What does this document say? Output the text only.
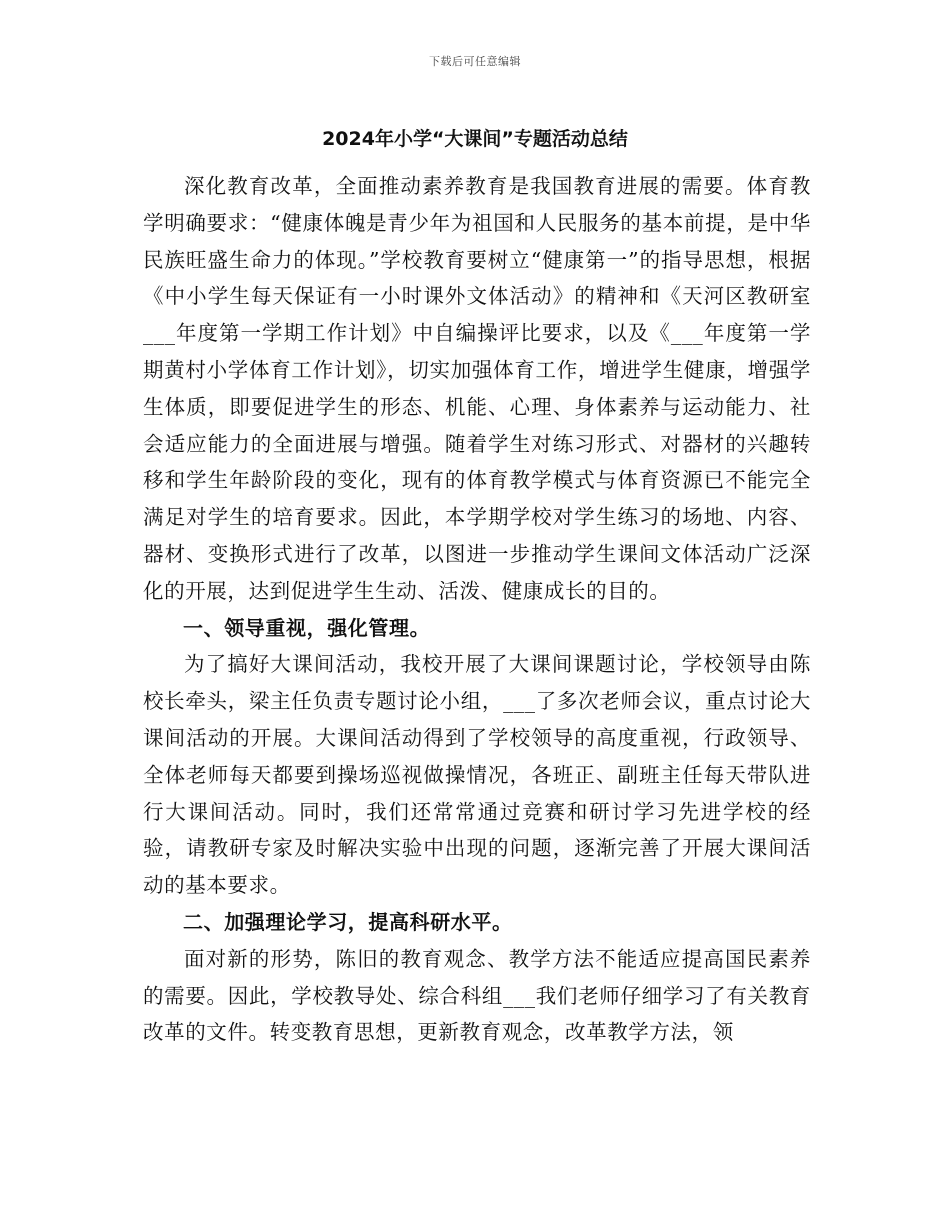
下载后可任意编辑
2024年小学“大课间”专题活动总结

深化教育改革，全面推动素养教育是我国教育进展的需要。体育教学明确要求：“健康体魄是青少年为祖国和人民服务的基本前提，是中华民族旺盛生命力的体现。”学校教育要树立“健康第一”的指导思想，根据《中小学生每天保证有一小时课外文体活动》的精神和《天河区教研室___年度第一学期工作计划》中自编操评比要求，以及《___年度第一学期黄村小学体育工作计划》，切实加强体育工作，增进学生健康，增强学生体质，即要促进学生的形态、机能、心理、身体素养与运动能力、社会适应能力的全面进展与增强。随着学生对练习形式、对器材的兴趣转移和学生年龄阶段的变化，现有的体育教学模式与体育资源已不能完全满足对学生的培育要求。因此，本学期学校对学生练习的场地、内容、器材、变换形式进行了改革，以图进一步推动学生课间文体活动广泛深化的开展，达到促进学生生动、活泼、健康成长的目的。

一、领导重视，强化管理。

为了搞好大课间活动，我校开展了大课间课题讨论，学校领导由陈校长牵头，梁主任负责专题讨论小组，___了多次老师会议，重点讨论大课间活动的开展。大课间活动得到了学校领导的高度重视，行政领导、全体老师每天都要到操场巡视做操情况，各班正、副班主任每天带队进行大课间活动。同时，我们还常常通过竞赛和研讨学习先进学校的经验，请教研专家及时解决实验中出现的问题，逐渐完善了开展大课间活动的基本要求。

二、加强理论学习，提高科研水平。

面对新的形势，陈旧的教育观念、教学方法不能适应提高国民素养的需要。因此，学校教导处、综合科组___我们老师仔细学习了有关教育改革的文件。转变教育思想，更新教育观念，改革教学方法，领
